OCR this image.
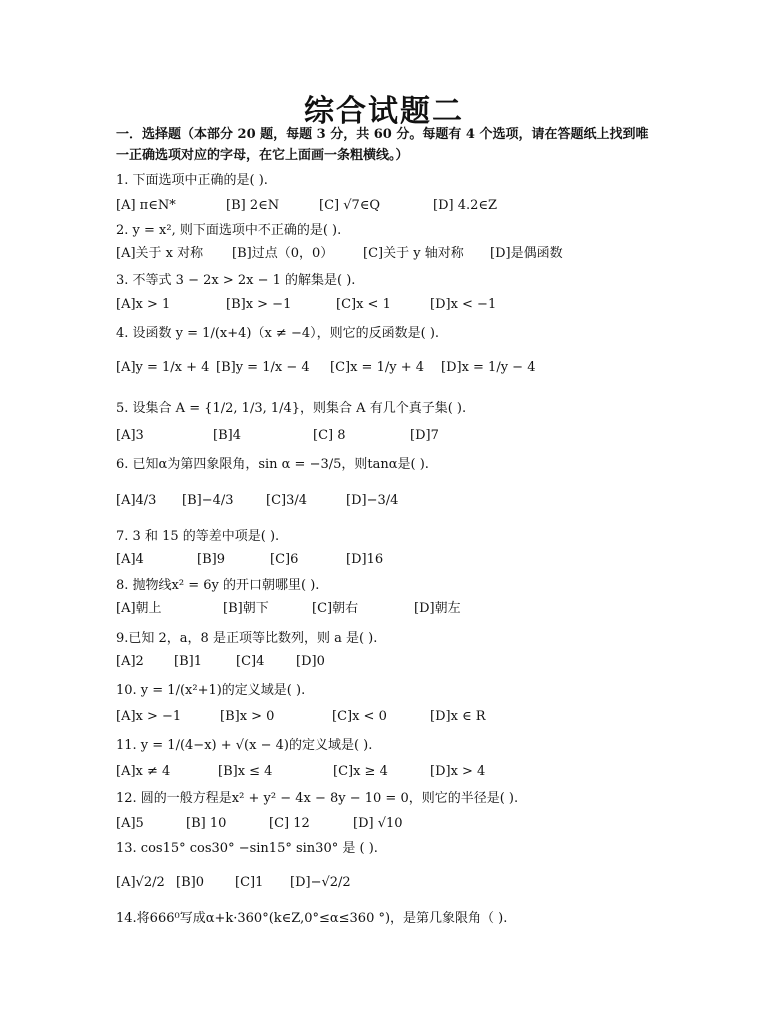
综合试题二
一．选择题（本部分 20 题，每题 3 分，共 60 分。每题有 4 个选项，请在答题纸上找到唯一正确选项对应的字母，在它上面画一条粗横线。）
1. 下面选项中正确的是( ).
[A] π∈N*	[B] 2∈N	[C] √7∈Q	[D] 4.2∈Z
2. y = x², 则下面选项中不正确的是( ).
[A]关于 x 对称 [B]过点（0，0） [C]关于 y 轴对称 [D]是偶函数
3. 不等式 3 − 2x > 2x − 1 的解集是( ).
[A]x > 1	[B]x > −1	[C]x < 1	[D]x < −1
4. 设函数 y = 1/(x+4)（x ≠ −4），则它的反函数是( ).
[A]y = 1/x + 4 [B]y = 1/x − 4 [C]x = 1/y + 4 [D]x = 1/y − 4
5. 设集合 A = {1/2, 1/3, 1/4}，则集合 A 有几个真子集( ).
[A]3	[B]4	[C] 8	[D]7
6. 已知α为第四象限角，sin α = −3/5，则tanα是( ).
[A]4/3 [B]−4/3 [C]3/4	[D]−3/4
7. 3 和 15 的等差中项是( ).
[A]4	[B]9	[C]6	[D]16
8. 抛物线x² = 6y 的开口朝哪里( ).
[A]朝上	[B]朝下	[C]朝右	[D]朝左
9.已知 2，a，8 是正项等比数列，则 a 是( ).
[A]2 [B]1	[C]4 [D]0
10. y = 1/(x²+1)的定义域是( ).
[A]x > −1	[B]x > 0	[C]x < 0	[D]x ∈ R
11. y = 1/(4−x) + √(x − 4)的定义域是( ).
[A]x ≠ 4	[B]x ≤ 4	[C]x ≥ 4	[D]x > 4
12. 圆的一般方程是x² + y² − 4x − 8y − 10 = 0，则它的半径是( ).
[A]5	[B] 10	[C] 12	[D] √10
13. cos15° cos30° −sin15° sin30° 是 ( ).
[A]√2/2 [B]0 [C]1 [D]−√2/2
14.将666⁰写成α+k·360°(k∈Z,0°≤α≤360 °)，是第几象限角（ ).
